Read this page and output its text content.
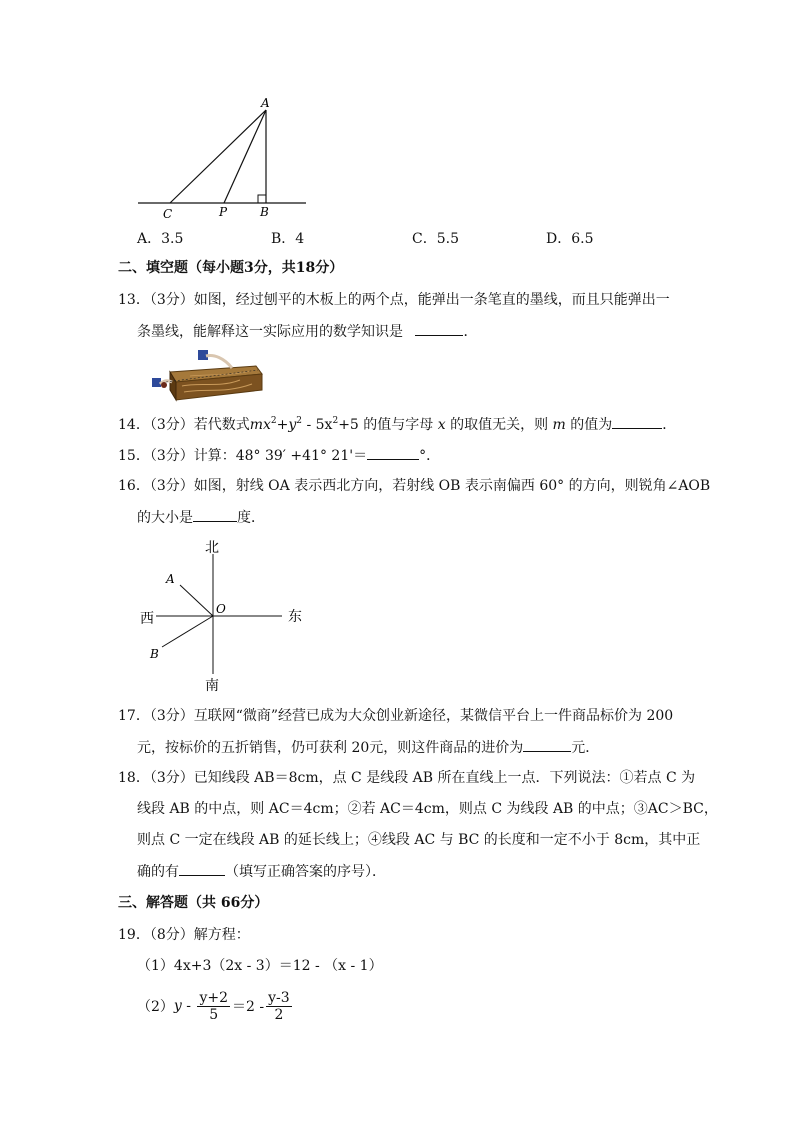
A
C	P	B
A．3.5	B．4	C．5.5	D．6.5
二、填空题（每小题3分，共18分）
13．（3分）如图，经过刨平的木板上的两个点，能弹出一条笔直的墨线，而且只能弹出一
条墨线，能解释这一实际应用的数学知识是	．
14．（3分）若代数式$mx^2+y^2 - 5x^2+5$ 的值与字母 x 的取值无关，则 m 的值为	．
15．（3分）计算：48° 39′ +41° 21'＝	°．
16．（3分）如图，射线 OA 表示西北方向，若射线 OB 表示南偏西 60° 的方向，则锐角∠AOB
的大小是	度．
北
南
东
西
A
B
O
17．（3分）互联网“微商”经营已成为大众创业新途径，某微信平台上一件商品标价为 200
元，按标价的五折销售，仍可获利 20元，则这件商品的进价为	元．
18．（3分）已知线段 AB＝8cm，点 C 是线段 AB 所在直线上一点．下列说法：①若点 C 为
线段 AB 的中点，则 AC＝4cm；②若 AC＝4cm，则点 C 为线段 AB 的中点；③AC＞BC，
则点 C 一定在线段 AB 的延长线上；④线段 AC 与 BC 的长度和一定不小于 8cm，其中正
确的有	（填写正确答案的序号）．
三、解答题（共 66分）
19．（8分）解方程：
（1）4x+3（2x - 3）＝12 - （x - 1）
（2） $y - \frac{y+2}{5} =2 - \frac{y-3}{2}$
